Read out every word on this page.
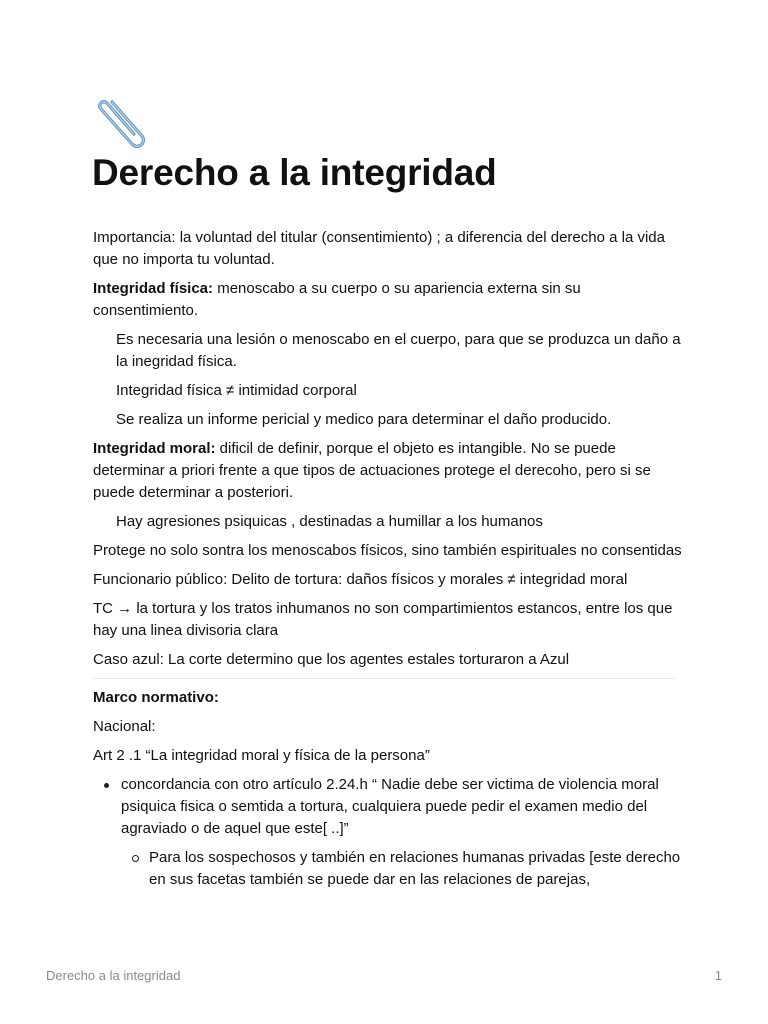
Derecho a la integridad

Importancia: la voluntad del titular (consentimiento) ; a diferencia del derecho a la vida que no importa tu voluntad.

Integridad física: menoscabo a su cuerpo o su apariencia externa sin su consentimiento.

Es necesaria una lesión o menoscabo en el cuerpo, para que se produzca un daño a la inegridad física.

Integridad física ≠ intimidad corporal

Se realiza un informe pericial y medico para determinar el daño producido.

Integridad moral: dificil de definir, porque el objeto es intangible. No se puede determinar a priori frente a que tipos de actuaciones protege el derecoho, pero si se puede determinar a posteriori.

Hay agresiones psiquicas , destinadas a humillar a los humanos

Protege no solo sontra los menoscabos físicos, sino también espirituales no consentidas

Funcionario público: Delito de tortura: daños físicos y morales ≠ integridad moral

TC → la tortura y los tratos inhumanos no son compartimientos estancos, entre los que hay una linea divisoria clara

Caso azul: La corte determino que los agentes estales torturaron a Azul

Marco normativo:

Nacional:

Art 2 .1 “La integridad moral y física de la persona”

concordancia con otro artículo 2.24.h “ Nadie debe ser victima de violencia moral psiquica fisica o semtida a tortura, cualquiera puede pedir el examen medio del agraviado o de aquel que este[ ..]”
Para los sospechosos y también en relaciones humanas privadas [este derecho en sus facetas también se puede dar en las relaciones de parejas,
Derecho a la integridad	1
